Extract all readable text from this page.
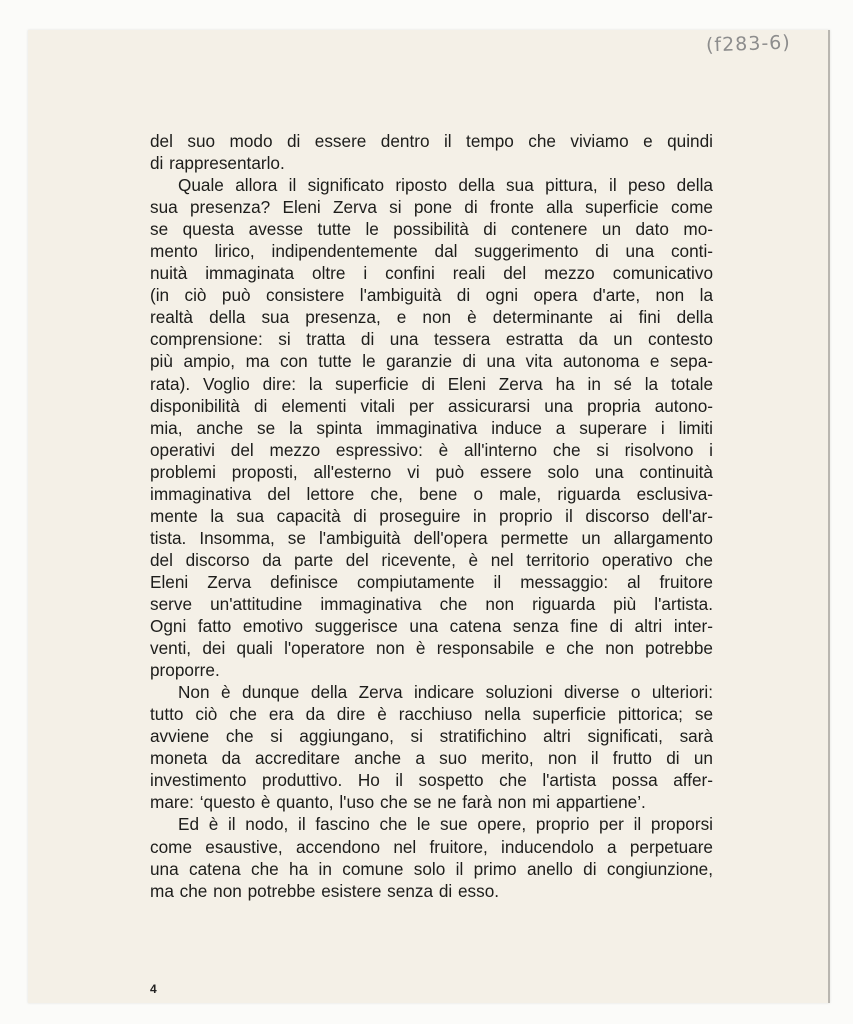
(f283-6)
del suo modo di essere dentro il tempo che viviamo e quindi
di rappresentarlo.
Quale allora il significato riposto della sua pittura, il peso della
sua presenza? Eleni Zerva si pone di fronte alla superficie come
se questa avesse tutte le possibilità di contenere un dato mo-
mento lirico, indipendentemente dal suggerimento di una conti-
nuità immaginata oltre i confini reali del mezzo comunicativo
(in ciò può consistere l'ambiguità di ogni opera d'arte, non la
realtà della sua presenza, e non è determinante ai fini della
comprensione: si tratta di una tessera estratta da un contesto
più ampio, ma con tutte le garanzie di una vita autonoma e sepa-
rata). Voglio dire: la superficie di Eleni Zerva ha in sé la totale
disponibilità di elementi vitali per assicurarsi una propria autono-
mia, anche se la spinta immaginativa induce a superare i limiti
operativi del mezzo espressivo: è all'interno che si risolvono i
problemi proposti, all'esterno vi può essere solo una continuità
immaginativa del lettore che, bene o male, riguarda esclusiva-
mente la sua capacità di proseguire in proprio il discorso dell'ar-
tista. Insomma, se l'ambiguità dell'opera permette un allargamento
del discorso da parte del ricevente, è nel territorio operativo che
Eleni Zerva definisce compiutamente il messaggio: al fruitore
serve un'attitudine immaginativa che non riguarda più l'artista.
Ogni fatto emotivo suggerisce una catena senza fine di altri inter-
venti, dei quali l'operatore non è responsabile e che non potrebbe
proporre.
Non è dunque della Zerva indicare soluzioni diverse o ulteriori:
tutto ciò che era da dire è racchiuso nella superficie pittorica; se
avviene che si aggiungano, si stratifichino altri significati, sarà
moneta da accreditare anche a suo merito, non il frutto di un
investimento produttivo. Ho il sospetto che l'artista possa affer-
mare: ‘questo è quanto, l'uso che se ne farà non mi appartiene’.
Ed è il nodo, il fascino che le sue opere, proprio per il proporsi
come esaustive, accendono nel fruitore, inducendolo a perpetuare
una catena che ha in comune solo il primo anello di congiunzione,
ma che non potrebbe esistere senza di esso.
4
